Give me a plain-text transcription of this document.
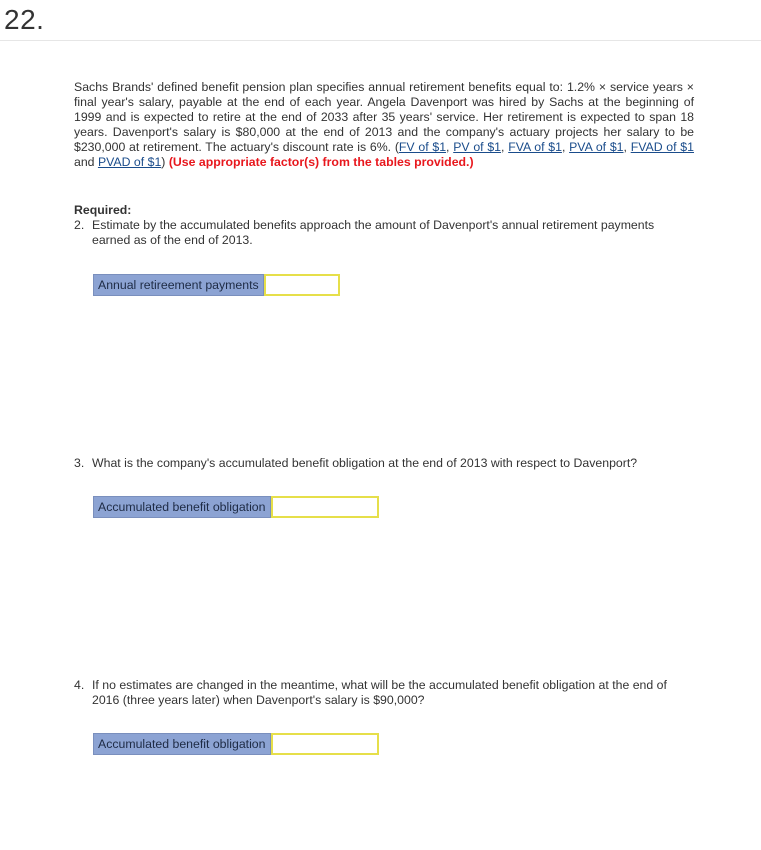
22.

Sachs Brands' defined benefit pension plan specifies annual retirement benefits equal to: 1.2% × service years × final year's salary, payable at the end of each year. Angela Davenport was hired by Sachs at the beginning of 1999 and is expected to retire at the end of 2033 after 35 years' service. Her retirement is expected to span 18 years. Davenport's salary is $80,000 at the end of 2013 and the company's actuary projects her salary to be $230,000 at retirement. The actuary's discount rate is 6%. (FV of $1, PV of $1, FVA of $1, PVA of $1, FVAD of $1 and PVAD of $1) (Use appropriate factor(s) from the tables provided.)

Required:
2. Estimate by the accumulated benefits approach the amount of Davenport's annual retirement payments earned as of the end of 2013.
Annual retireement payments
3. What is the company's accumulated benefit obligation at the end of 2013 with respect to Davenport?
Accumulated benefit obligation
4. If no estimates are changed in the meantime, what will be the accumulated benefit obligation at the end of 2016 (three years later) when Davenport's salary is $90,000?
Accumulated benefit obligation
